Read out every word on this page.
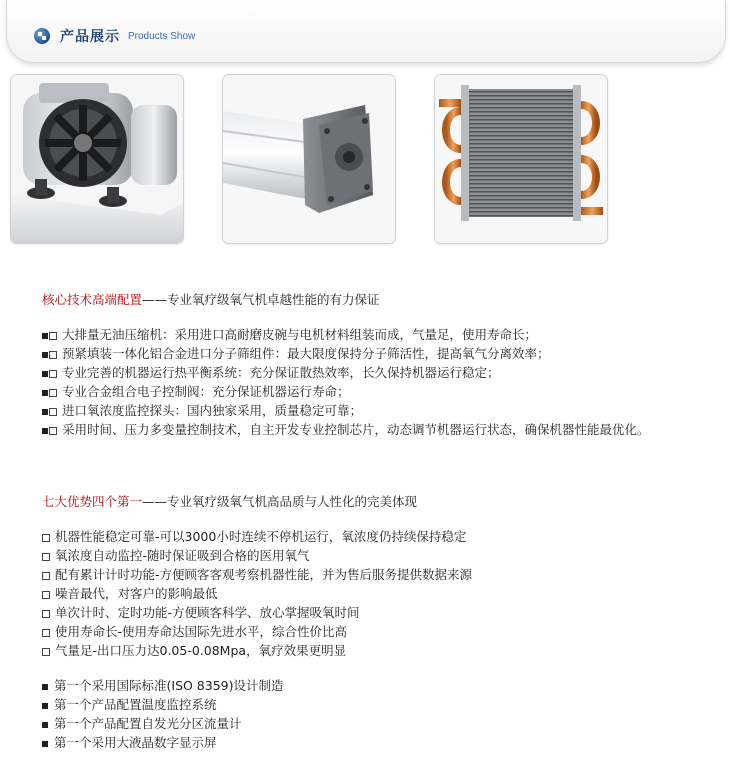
产品展示 Products Show
核心技术高端配置——专业氧疗级氧气机卓越性能的有力保证
大排量无油压缩机：采用进口高耐磨皮碗与电机材料组装而成，气量足，使用寿命长；
预紧填装一体化铝合金进口分子筛组件：最大限度保持分子筛活性，提高氧气分离效率；
专业完善的机器运行热平衡系统：充分保证散热效率，长久保持机器运行稳定；
专业合金组合电子控制阀：充分保证机器运行寿命；
进口氧浓度监控探头：国内独家采用，质量稳定可靠；
采用时间、压力多变量控制技术，自主开发专业控制芯片，动态调节机器运行状态，确保机器性能最优化。
七大优势四个第一——专业氧疗级氧气机高品质与人性化的完美体现
机器性能稳定可靠-可以3000小时连续不停机运行，氧浓度仍持续保持稳定
氧浓度自动监控-随时保证吸到合格的医用氧气
配有累计计时功能-方便顾客客观考察机器性能，并为售后服务提供数据来源
噪音最代，对客户的影响最低
单次计时、定时功能-方便顾客科学、放心掌握吸氧时间
使用寿命长-使用寿命达国际先进水平，综合性价比高
气量足-出口压力达0.05-0.08Mpa，氧疗效果更明显
第一个采用国际标准(ISO 8359)设计制造
第一个产品配置温度监控系统
第一个产品配置自发光分区流量计
第一个采用大液晶数字显示屏
